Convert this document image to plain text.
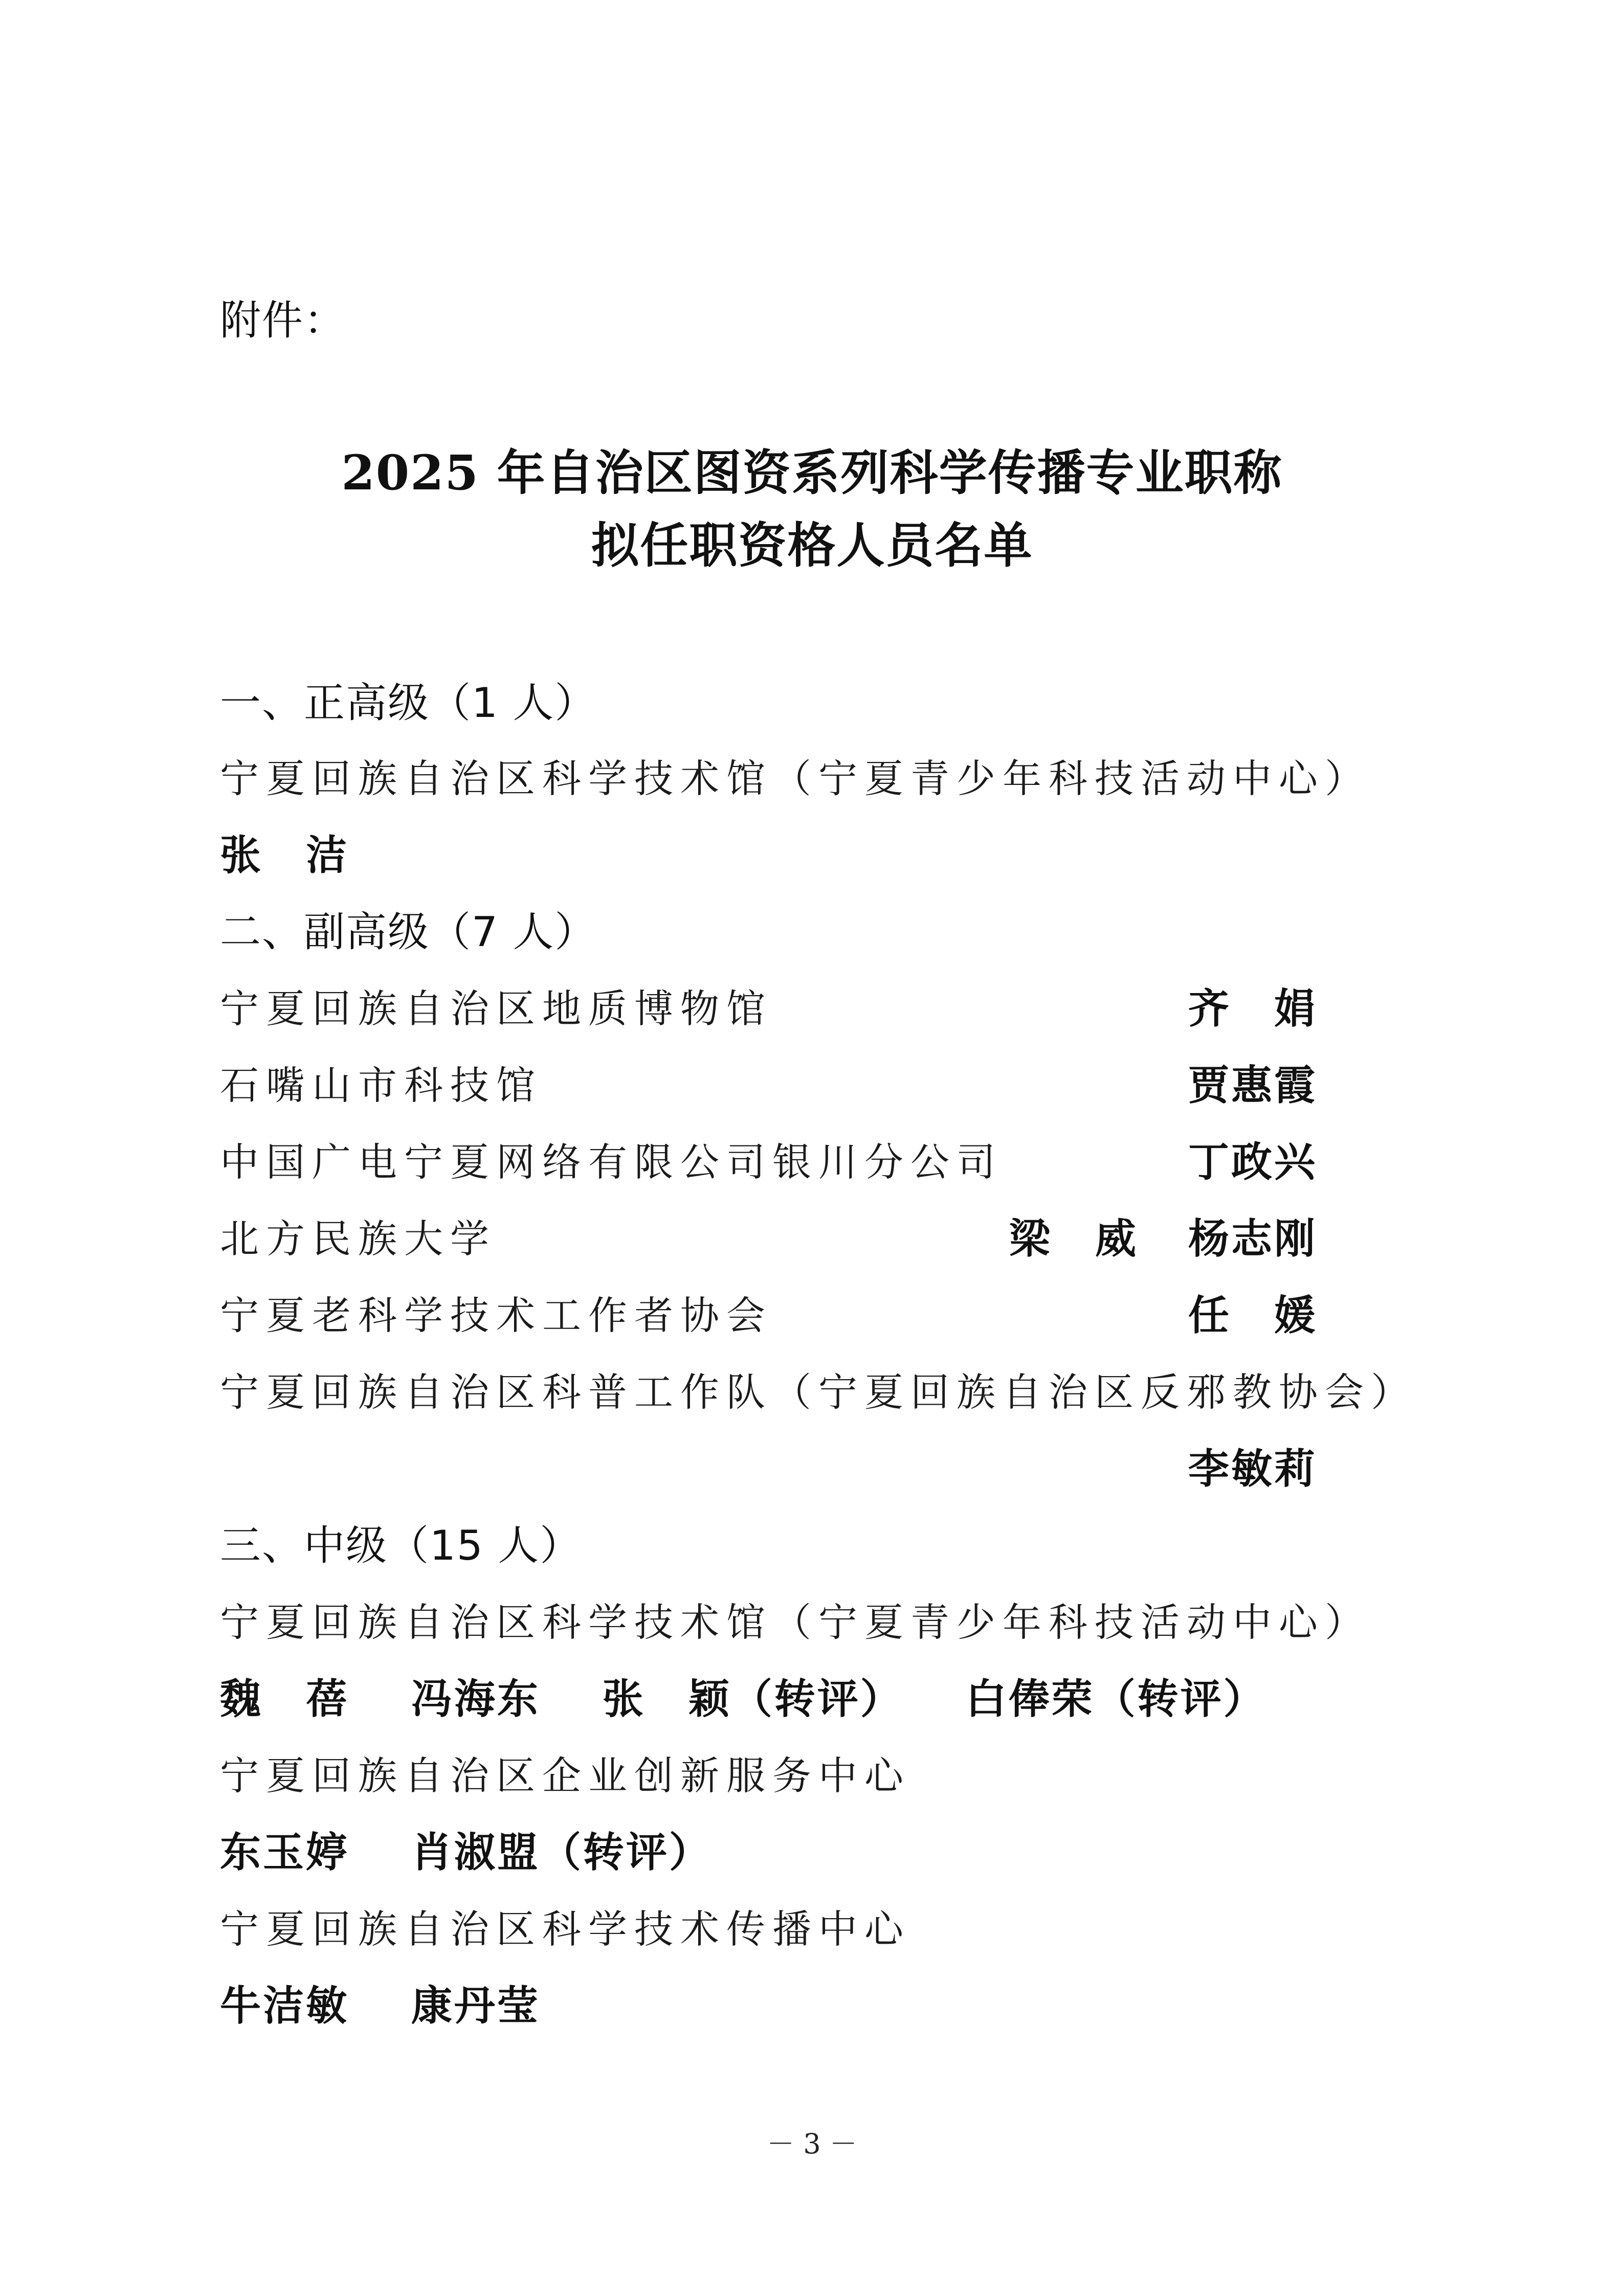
附件：
2025 年自治区图资系列科学传播专业职称
拟任职资格人员名单
一、正高级（1 人）
宁夏回族自治区科学技术馆（宁夏青少年科技活动中心）
张　洁
二、副高级（7 人）
宁夏回族自治区地质博物馆	齐　娟
石嘴山市科技馆	贾惠霞
中国广电宁夏网络有限公司银川分公司	丁政兴
北方民族大学	梁　威 杨志刚
宁夏老科学技术工作者协会	任　媛
宁夏回族自治区科普工作队（宁夏回族自治区反邪教协会）
李敏莉
三、中级（15 人）
宁夏回族自治区科学技术馆（宁夏青少年科技活动中心）
魏　蓓 冯海东 张　颖（转评） 白俸荣（转评）
宁夏回族自治区企业创新服务中心
东玉婷 肖淑盟（转评）
宁夏回族自治区科学技术传播中心
牛洁敏 康丹莹
－ 3 －
